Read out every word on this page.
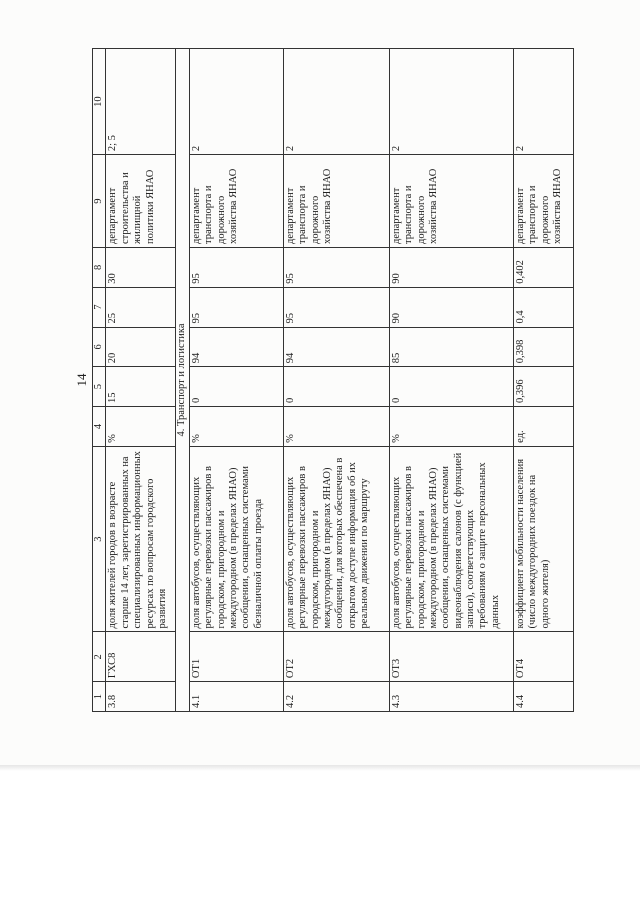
14
1	2	3	4	5	6	7	8	9	10
3.8	ГХС8	доля жителей городов в возрасте старше 14 лет, зарегистрированных на специализированных информационных ресурсах по вопросам городского развития	%	15	20	25	30	департамент строительства и жилищной политики ЯНАО	2; 5
4. Транспорт и логистика									
4.1	ОТ1	доля автобусов, осуществляющих регулярные перевозки пассажиров в городском, пригородном и междугородном (в пределах ЯНАО) сообщении, оснащенных системами безналичной оплаты проезда	%	0	94	95	95	департамент транспорта и дорожного хозяйства ЯНАО	2
4.2	ОТ2	доля автобусов, осуществляющих регулярные перевозки пассажиров в городском, пригородном и междугородном (в пределах ЯНАО) сообщении, для которых обеспечена в открытом доступе информация об их реальном движении по маршруту	%	0	94	95	95	департамент транспорта и дорожного хозяйства ЯНАО	2
4.3	ОТ3	доля автобусов, осуществляющих регулярные перевозки пассажиров в городском, пригородном и междугородном (в пределах ЯНАО) сообщении, оснащенных системами видеонаблюдения салонов (с функцией записи), соответствующих требованиям о защите персональных данных	%	0	85	90	90	департамент транспорта и дорожного хозяйства ЯНАО	2
4.4	ОТ4	коэффициент мобильности населения (число междугородних поездок на одного жителя)	ед.	0,396	0,398	0,4	0,402	департамент транспорта и дорожного хозяйства ЯНАО	2
